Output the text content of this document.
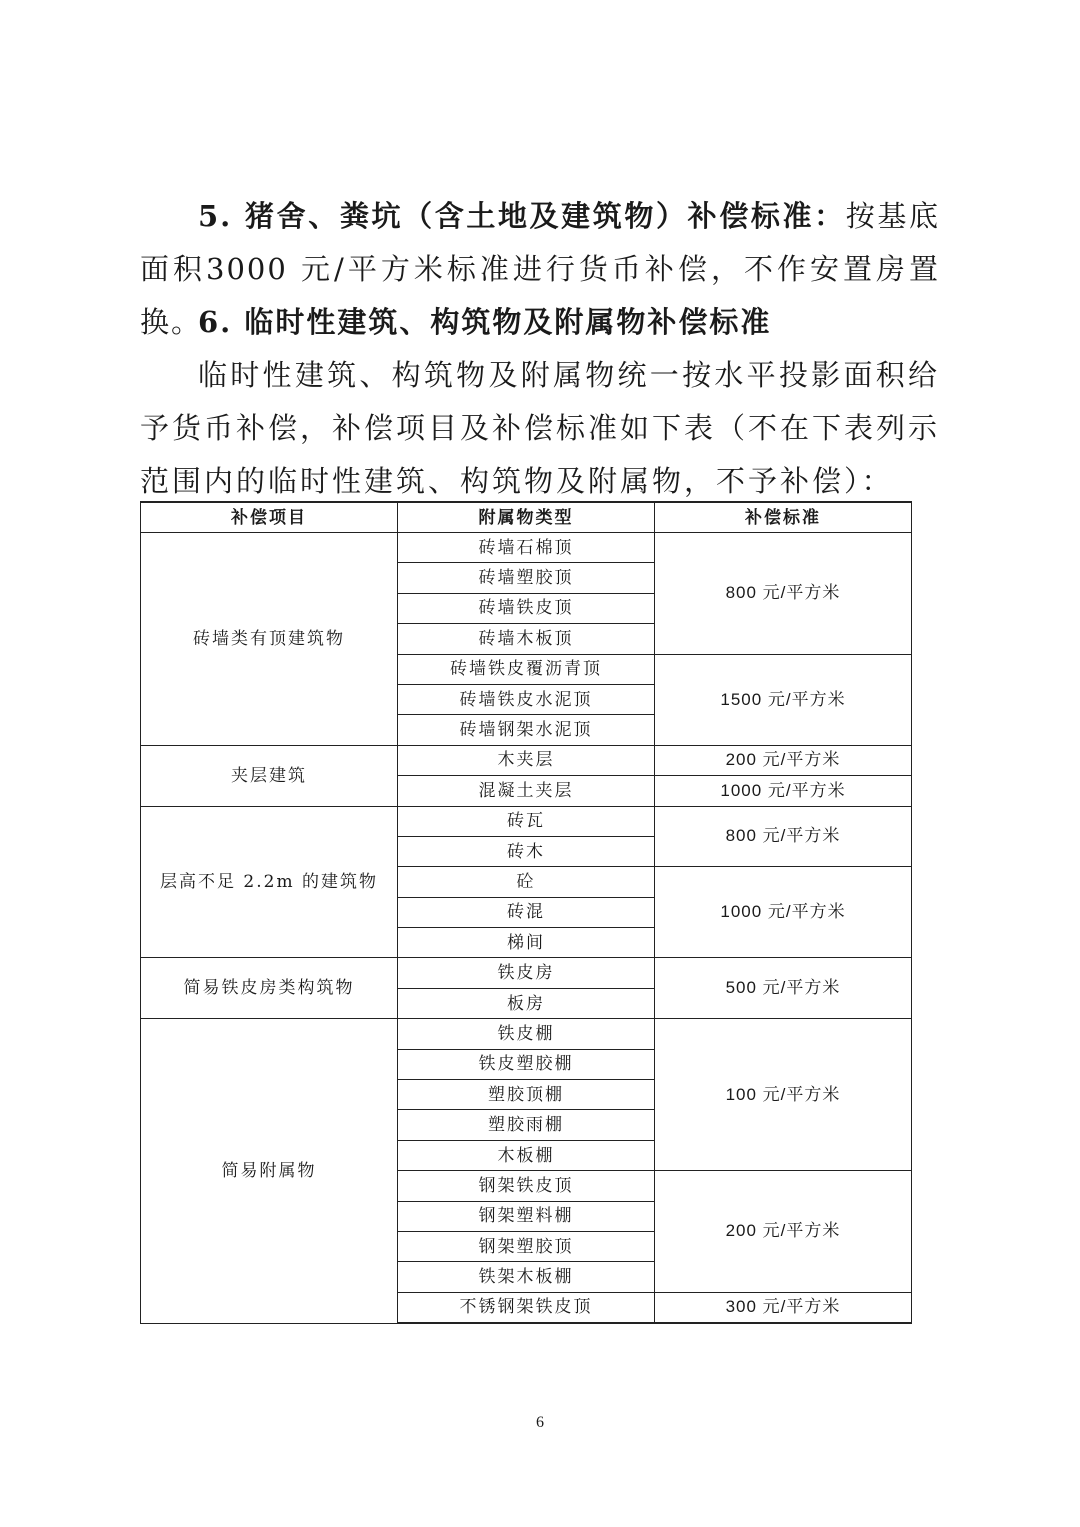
5. 猪舍、粪坑（含土地及建筑物）补偿标准：按基底面积3000 元/平方米标准进行货币补偿，不作安置房置换。
6. 临时性建筑、构筑物及附属物补偿标准
临时性建筑、构筑物及附属物统一按水平投影面积给予货币补偿，补偿项目及补偿标准如下表（不在下表列示范围内的临时性建筑、构筑物及附属物，不予补偿）：
补偿项目	附属物类型	补偿标准
砖墙类有顶建筑物	砖墙石棉顶	800 元/平方米
	砖墙塑胶顶	
	砖墙铁皮顶	
	砖墙木板顶	
	砖墙铁皮覆沥青顶	1500 元/平方米
	砖墙铁皮水泥顶	
	砖墙钢架水泥顶	
夹层建筑	木夹层	200 元/平方米
	混凝土夹层	1000 元/平方米
层高不足 2.2m 的建筑物	砖瓦	800 元/平方米
	砖木	
	砼	1000 元/平方米
	砖混	
	梯间	
简易铁皮房类构筑物	铁皮房	500 元/平方米
	板房	
简易附属物	铁皮棚	100 元/平方米
	铁皮塑胶棚	
	塑胶顶棚	
	塑胶雨棚	
	木板棚	
	钢架铁皮顶	200 元/平方米
	钢架塑料棚	
	钢架塑胶顶	
	铁架木板棚	
	不锈钢架铁皮顶	300 元/平方米
6
